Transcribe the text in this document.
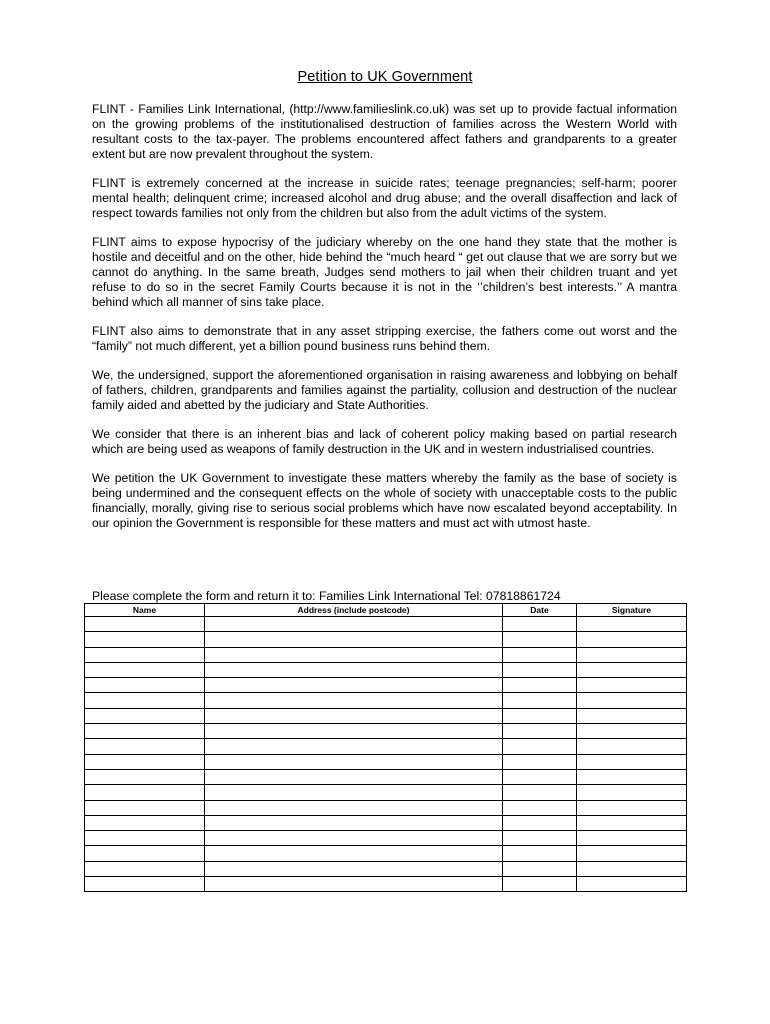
Petition to UK Government

FLINT - Families Link International, (http://www.familieslink.co.uk) was set up to provide factual information on the growing problems of the institutionalised destruction of families across the Western World with resultant costs to the tax-payer. The problems encountered affect fathers and grandparents to a greater extent but are now prevalent throughout the system.

FLINT is extremely concerned at the increase in suicide rates; teenage pregnancies; self-harm; poorer mental health; delinquent crime; increased alcohol and drug abuse; and the overall disaffection and lack of respect towards families not only from the children but also from the adult victims of the system.

FLINT aims to expose hypocrisy of the judiciary whereby on the one hand they state that the mother is hostile and deceitful and on the other, hide behind the “much heard “ get out clause that we are sorry but we cannot do anything. In the same breath, Judges send mothers to jail when their children truant and yet refuse to do so in the secret Family Courts because it is not in the ‘’children’s best interests.’’ A mantra behind which all manner of sins take place.

FLINT also aims to demonstrate that in any asset stripping exercise, the fathers come out worst and the “family” not much different, yet a billion pound business runs behind them.

We, the undersigned, support the aforementioned organisation in raising awareness and lobbying on behalf of fathers, children, grandparents and families against the partiality, collusion and destruction of the nuclear family aided and abetted by the judiciary and State Authorities.

We consider that there is an inherent bias and lack of coherent policy making based on partial research which are being used as weapons of family destruction in the UK and in western industrialised countries.

We petition the UK Government to investigate these matters whereby the family as the base of society is being undermined and the consequent effects on the whole of society with unacceptable costs to the public financially, morally, giving rise to serious social problems which have now escalated beyond acceptability. In our opinion the Government is responsible for these matters and must act with utmost haste.

Please complete the form and return it to: Families Link International Tel: 07818861724
Name	Address (include postcode)	Date	Signature
